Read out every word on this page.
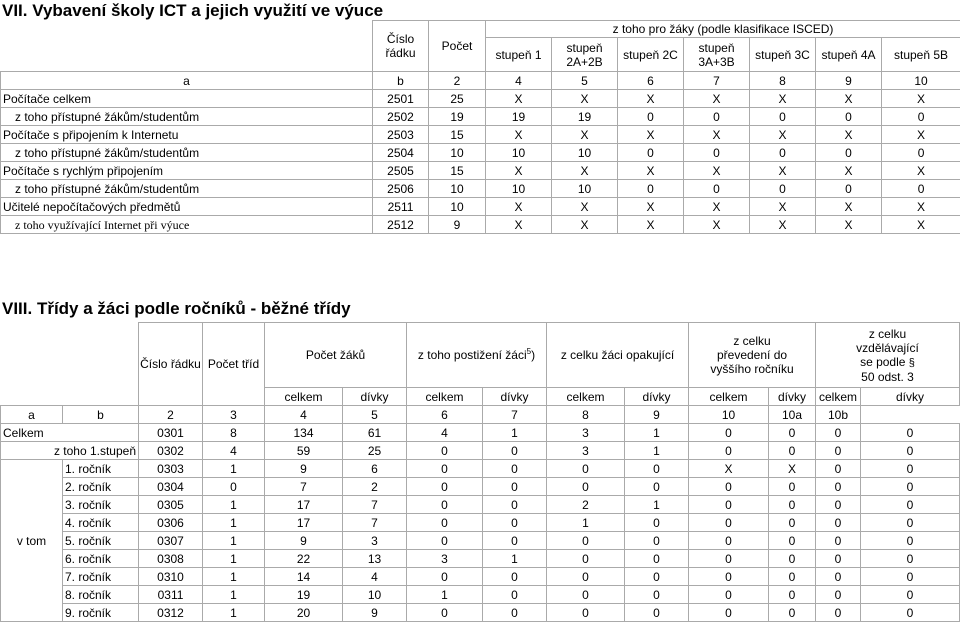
VII. Vybavení školy ICT a jejich využití ve výuce
	Číslo řádku	Počet	z toho pro žáky (podle klasifikace ISCED)						
			stupeň 1	stupeň 2A+2B	stupeň 2C	stupeň 3A+3B	stupeň 3C	stupeň 4A	stupeň 5B
a	b	2	4	5	6	7	8	9	10
Počítače celkem	2501	25	X	X	X	X	X	X	X
z toho přístupné žákům/studentům	2502	19	19	19	0	0	0	0	0
Počítače s připojením k Internetu	2503	15	X	X	X	X	X	X	X
z toho přístupné žákům/studentům	2504	10	10	10	0	0	0	0	0
Počítače s rychlým připojením	2505	15	X	X	X	X	X	X	X
z toho přístupné žákům/studentům	2506	10	10	10	0	0	0	0	0
Učitelé nepočítačových předmětů	2511	10	X	X	X	X	X	X	X
z toho využívající Internet při výuce	2512	9	X	X	X	X	X	X	X
VIII. Třídy a žáci podle ročníků - běžné třídy
		Číslo řádku	Počet tříd	Počet žáků		z toho postižení žáci$^5$)		z celku žáci opakující		z celku převedení do vyššího ročníku		z celku
vzdělávající
se podle §
50 odst. 3	
				celkem	dívky	celkem	dívky	celkem	dívky	celkem	dívky	celkem	dívky
a	b	2	3	4	5	6	7	8	9	10	10a	10b	
Celkem		0301	8	134	61	4	1	3	1	0	0	0	0
z toho 1.stupeň		0302	4	59	25	0	0	3	1	0	0	0	0
v tom	1. ročník	0303	1	9	6	0	0	0	0	X	X	0	0
	2. ročník	0304	0	7	2	0	0	0	0	0	0	0	0
	3. ročník	0305	1	17	7	0	0	2	1	0	0	0	0
	4. ročník	0306	1	17	7	0	0	1	0	0	0	0	0
	5. ročník	0307	1	9	3	0	0	0	0	0	0	0	0
	6. ročník	0308	1	22	13	3	1	0	0	0	0	0	0
	7. ročník	0310	1	14	4	0	0	0	0	0	0	0	0
	8. ročník	0311	1	19	10	1	0	0	0	0	0	0	0
	9. ročník	0312	1	20	9	0	0	0	0	0	0	0	0
